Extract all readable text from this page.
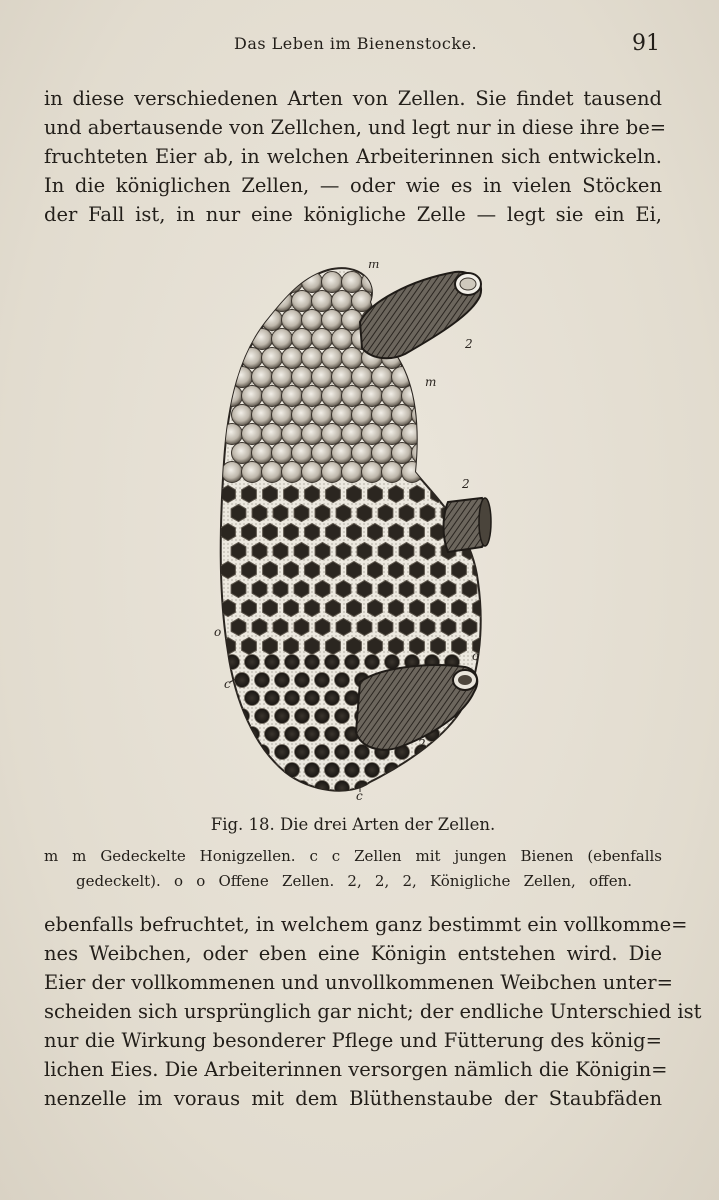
Das Leben im Bienenstocke.	91
in diese verschiedenen Arten von Zellen. Sie findet tausend
und abertausende von Zellchen, und legt nur in diese ihre be=
fruchteten Eier ab, in welchen Arbeiterinnen sich entwickeln.
In die königlichen Zellen, — oder wie es in vielen Stöcken
der Fall ist, in nur eine königliche Zelle — legt sie ein Ei,
m
m
2
2
2
o
o
c
c
Fig. 18. Die drei Arten der Zellen.
m m Gedeckelte Honigzellen. c c Zellen mit jungen Bienen (ebenfalls
gedeckelt). o o Offene Zellen. 2, 2, 2, Königliche Zellen, offen.
ebenfalls befruchtet, in welchem ganz bestimmt ein vollkomme=
nes Weibchen, oder eben eine Königin entstehen wird. Die
Eier der vollkommenen und unvollkommenen Weibchen unter=
scheiden sich ursprünglich gar nicht; der endliche Unterschied ist
nur die Wirkung besonderer Pflege und Fütterung des könig=
lichen Eies. Die Arbeiterinnen versorgen nämlich die Königin=
nenzelle im voraus mit dem Blüthenstaube der Staubfäden
